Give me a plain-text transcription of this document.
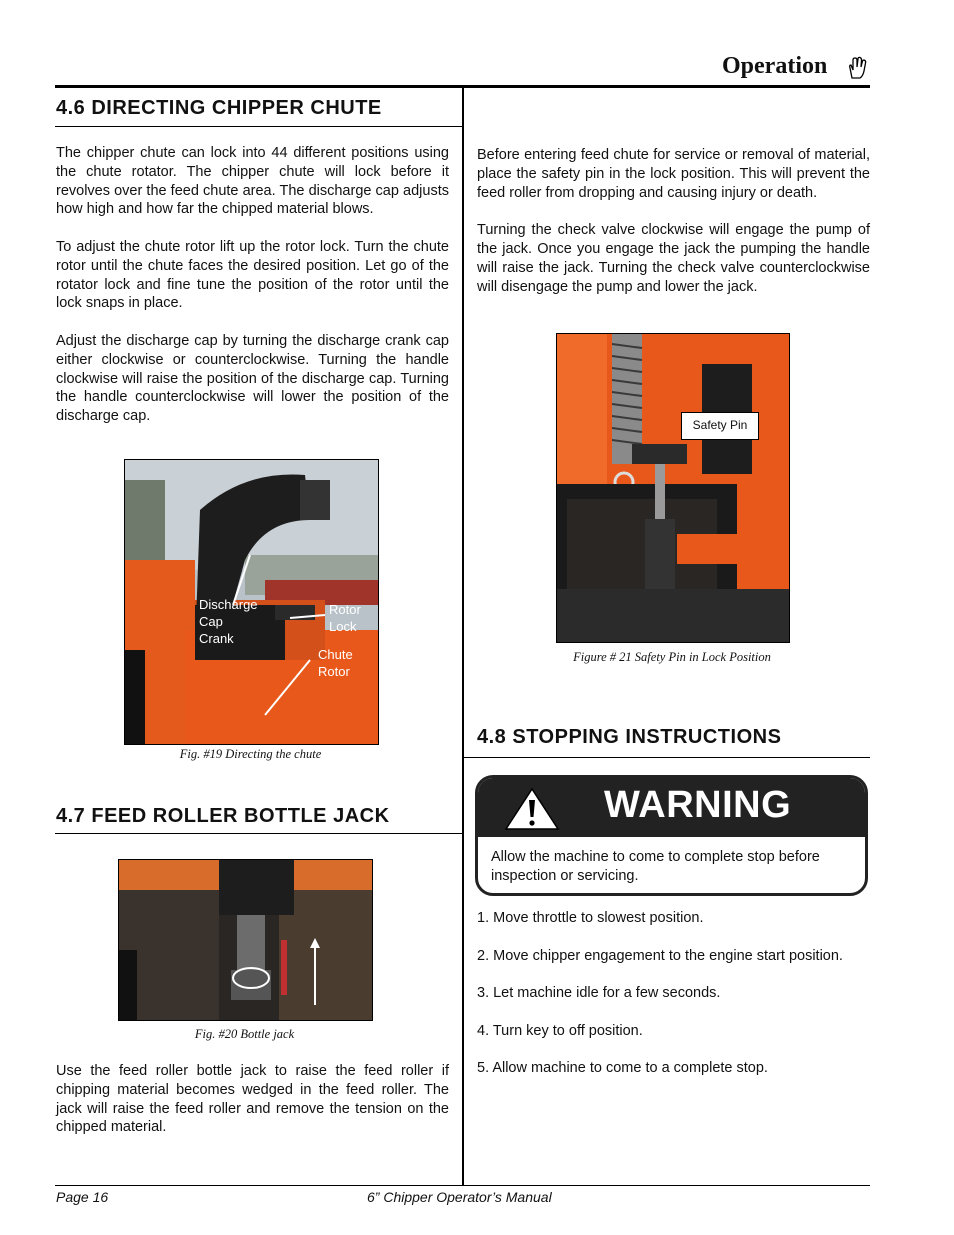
Operation
4.6 DIRECTING CHIPPER CHUTE

The chipper chute can lock into 44 different positions using the chute rotator. The chipper chute will lock before it revolves over the feed chute area. The discharge cap adjusts how high and how far the chipped material blows.

To adjust the chute rotor lift up the rotor lock. Turn the chute rotor until the chute faces the desired position. Let go of the rotator lock and fine tune the position of the rotor until the lock snaps in place.

Adjust the discharge cap by turning the discharge crank cap either clockwise or counterclockwise. Turning the handle clockwise will raise the position of the discharge cap. Turning the handle counterclockwise will lower the position of the discharge cap.

Discharge
Cap
Crank
Rotor
Lock
Chute
Rotor
Fig. #19 Directing the chute
4.7 FEED ROLLER BOTTLE JACK
Fig. #20 Bottle jack
Use the feed roller bottle jack to raise the feed roller if chipping material becomes wedged in the feed roller. The jack will raise the feed roller and remove the tension on the chipped material.

Before entering feed chute for service or removal of material, place the safety pin in the lock position. This will prevent the feed roller from dropping and causing injury or death.

Turning the check valve clockwise will engage the pump of the jack. Once you engage the jack the pumping the handle will raise the jack. Turning the check valve counterclockwise will disengage the pump and lower the jack.

Safety Pin
Figure # 21 Safety Pin in Lock Position
4.8 STOPPING INSTRUCTIONS
WARNING
Allow the machine to come to complete stop before inspection or servicing.
1. Move throttle to slowest position.
2. Move chipper engagement to the engine start position.
3. Let machine idle for a few seconds.
4. Turn key to off position.
5. Allow machine to come to a complete stop.
Page 16	6” Chipper Operator’s Manual
